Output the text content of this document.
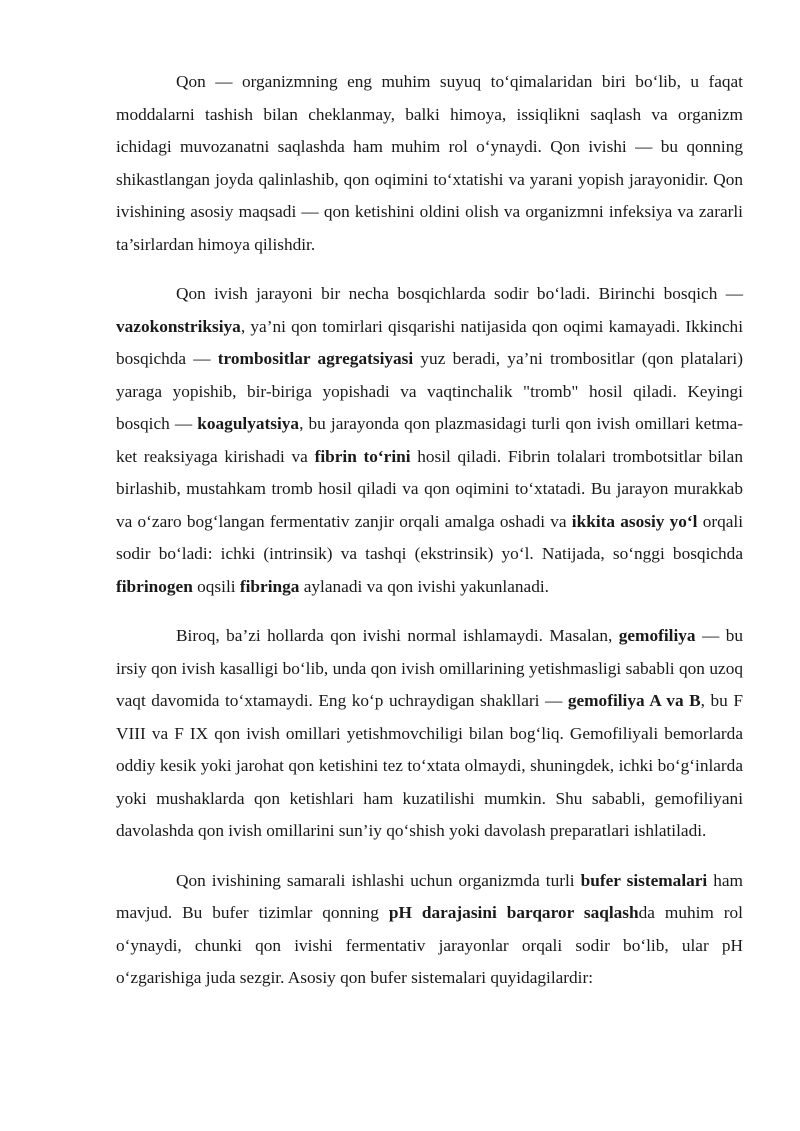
Qon — organizmning eng muhim suyuq to‘qimalaridan biri bo‘lib, u faqat moddalarni tashish bilan cheklanmay, balki himoya, issiqlikni saqlash va organizm ichidagi muvozanatni saqlashda ham muhim rol o‘ynaydi. Qon ivishi — bu qonning shikastlangan joyda qalinlashib, qon oqimini to‘xtatishi va yarani yopish jarayonidir. Qon ivishining asosiy maqsadi — qon ketishini oldini olish va organizmni infeksiya va zararli ta’sirlardan himoya qilishdir.

Qon ivish jarayoni bir necha bosqichlarda sodir bo‘ladi. Birinchi bosqich — vazokonstriksiya, ya’ni qon tomirlari qisqarishi natijasida qon oqimi kamayadi. Ikkinchi bosqichda — trombositlar agregatsiyasi yuz beradi, ya’ni trombositlar (qon platalari) yaraga yopishib, bir-biriga yopishadi va vaqtinchalik "tromb" hosil qiladi. Keyingi bosqich — koagulyatsiya, bu jarayonda qon plazmasidagi turli qon ivish omillari ketma-ket reaksiyaga kirishadi va fibrin to‘rini hosil qiladi. Fibrin tolalari trombotsitlar bilan birlashib, mustahkam tromb hosil qiladi va qon oqimini to‘xtatadi. Bu jarayon murakkab va o‘zaro bog‘langan fermentativ zanjir orqali amalga oshadi va ikkita asosiy yo‘l orqali sodir bo‘ladi: ichki (intrinsik) va tashqi (ekstrinsik) yo‘l. Natijada, so‘nggi bosqichda fibrinogen oqsili fibringa aylanadi va qon ivishi yakunlanadi.

Biroq, ba’zi hollarda qon ivishi normal ishlamaydi. Masalan, gemofiliya — bu irsiy qon ivish kasalligi bo‘lib, unda qon ivish omillarining yetishmasligi sababli qon uzoq vaqt davomida to‘xtamaydi. Eng ko‘p uchraydigan shakllari — gemofiliya A va B, bu F VIII va F IX qon ivish omillari yetishmovchiligi bilan bog‘liq. Gemofiliyali bemorlarda oddiy kesik yoki jarohat qon ketishini tez to‘xtata olmaydi, shuningdek, ichki bo‘g‘inlarda yoki mushaklarda qon ketishlari ham kuzatilishi mumkin. Shu sababli, gemofiliyani davolashda qon ivish omillarini sun’iy qo‘shish yoki davolash preparatlari ishlatiladi.

Qon ivishining samarali ishlashi uchun organizmda turli bufer sistemalari ham mavjud. Bu bufer tizimlar qonning pH darajasini barqaror saqlashda muhim rol o‘ynaydi, chunki qon ivishi fermentativ jarayonlar orqali sodir bo‘lib, ular pH o‘zgarishiga juda sezgir. Asosiy qon bufer sistemalari quyidagilardir:
